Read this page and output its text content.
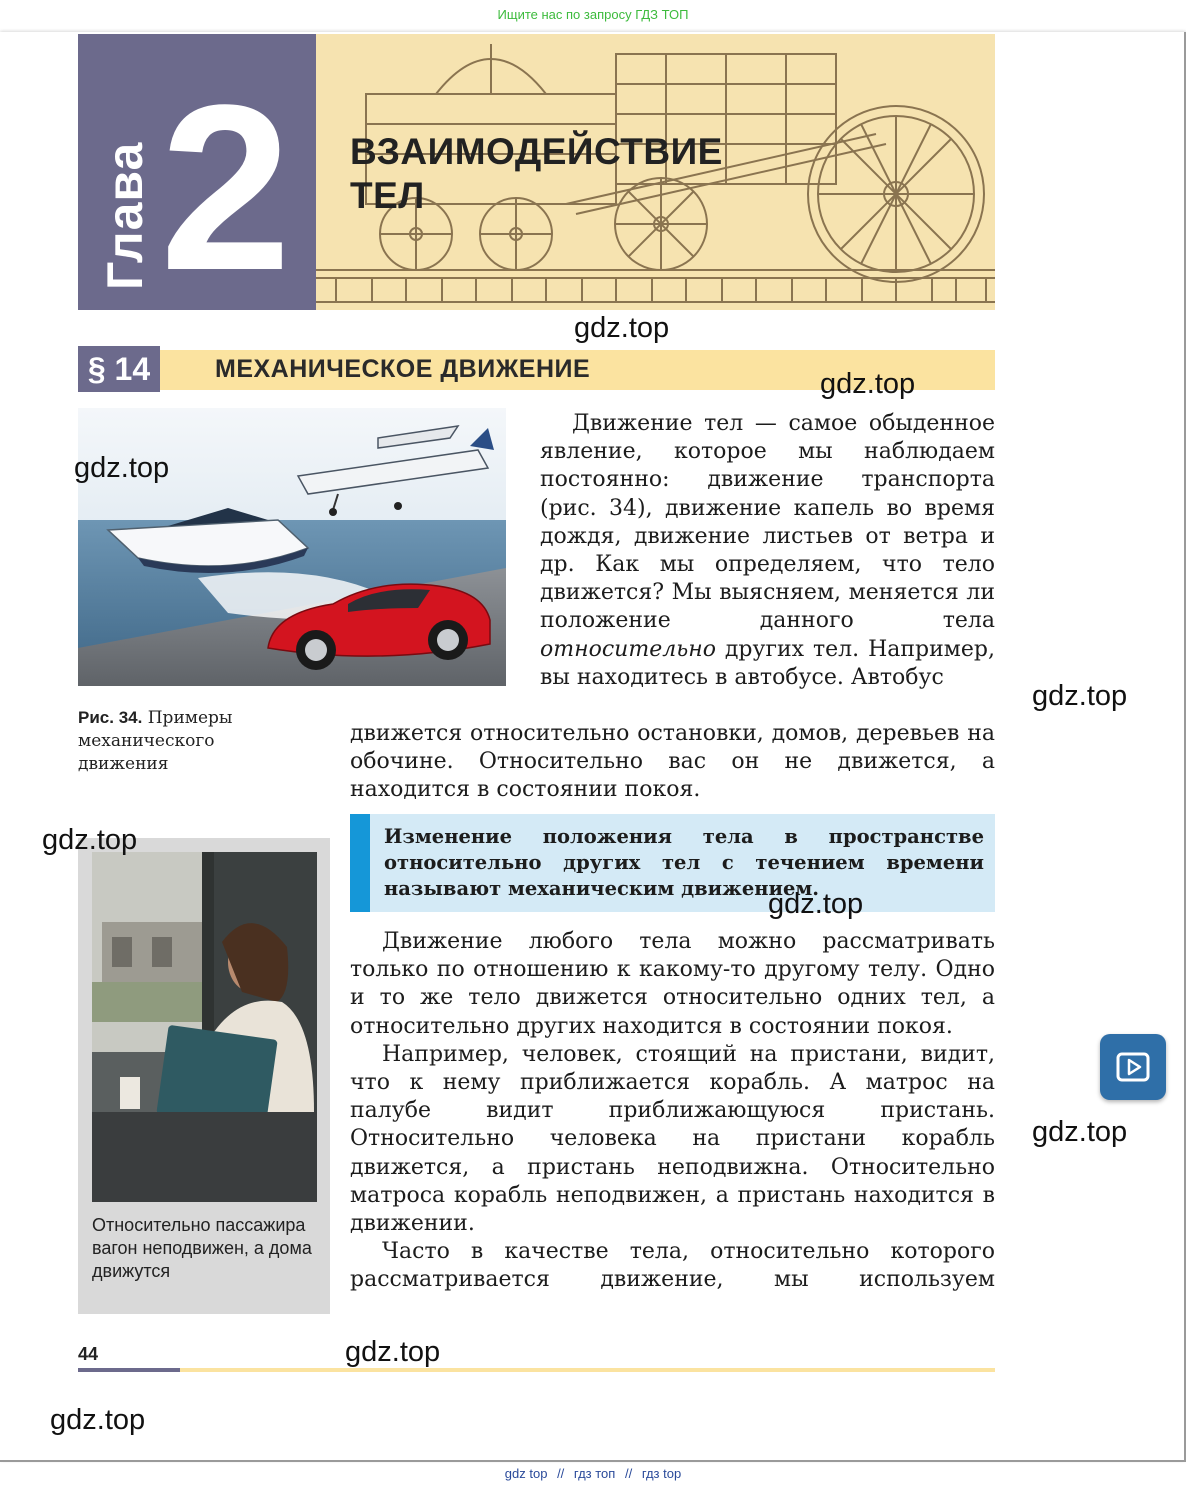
Ищите нас по запросу ГДЗ ТОП
Глава 2 ВЗАИМОДЕЙСТВИЕ
ТЕЛ
§ 14	МЕХАНИЧЕСКОЕ ДВИЖЕНИЕ
Рис. 34. Примеры механического движения
Движение тел — самое обыденное явление, которое мы наблюдаем постоянно: движение транспорта (рис. 34), движение капель во время дождя, движение листьев от ветра и др. Как мы определяем, что тело движется? Мы выясняем, меняется ли положение данного тела относительно других тел. Например, вы находитесь в автобусе. Автобус
движется относительно остановки, домов, деревьев на обочине. Относительно вас он не движется, а находится в состоянии покоя.
Изменение положения тела в пространстве относительно других тел с течением времени называют механическим движением.
Относительно пассажира вагон неподвижен, а дома движутся

Движение любого тела можно рассматривать только по отношению к какому-то другому телу. Одно и то же тело движется относительно одних тел, а относительно других находится в состоянии покоя.

Например, человек, стоящий на пристани, видит, что к нему приближается корабль. А матрос на палубе видит приближающуюся пристань. Относительно человека на пристани корабль движется, а пристань неподвижна. Относительно матроса корабль неподвижен, а пристань находится в движении.

Часто в качестве тела, относительно которого рассматривается движение, мы используем

44
gdz.top
gdz.top
gdz.top
gdz.top
gdz.top
gdz.top
gdz.top
gdz.top
gdz.top
gdz top // гдз топ // гдз top
